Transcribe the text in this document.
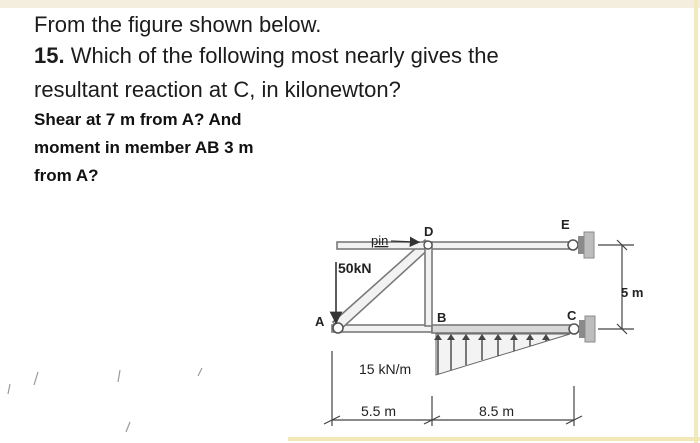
From the figure shown below.

15. Which of the following most nearly gives the

resultant reaction at C, in kilonewton?

Shear at 7 m from A? And

moment in member AB 3 m

from A?

pin
D	E
A	B	C
50kN
15 kN/m
5.5 m	8.5 m
5 m
